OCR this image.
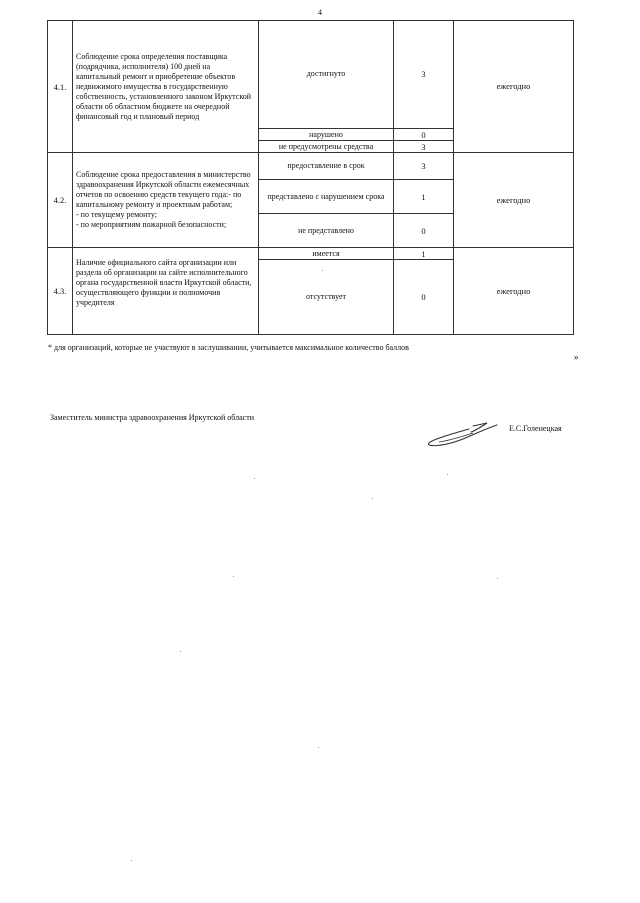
4
4.1.	Соблюдение срока определения поставщика (подрядчика, исполнителя) 100 дней на капитальный ремонт и приобретение объектов недвижимого имущества в государственную собственность, установленного законом Иркутской области об областном бюджете на очередной финансовый год и плановый период	достигнуто	3	ежегодно
		нарушено	0	
		не предусмотрены средства	3	
4.2.	Соблюдение срока предоставления в министерство здравоохранения Иркутской области ежемесячных отчетов по освоению средств текущего года:- по капитальному ремонту и проектным работам;
- по текущему ремонту;
- по мероприятиям пожарной безопасности;	предоставление в срок	3	ежегодно
		представлено с нарушением срока	1	
		не представлено	0	
4.3.	Наличие официального сайта организации или раздела об организации на сайте исполнительного органа государственной власти Иркутской области, осуществляющего функции и полномочия учредителя	имеется	1	ежегодно
		отсутствует	0	
* для организаций, которые не участвуют в заслушивании, учитывается максимальное количество баллов
»
Заместитель министра здравоохранения Иркутской области
Е.С.Голенецкая
